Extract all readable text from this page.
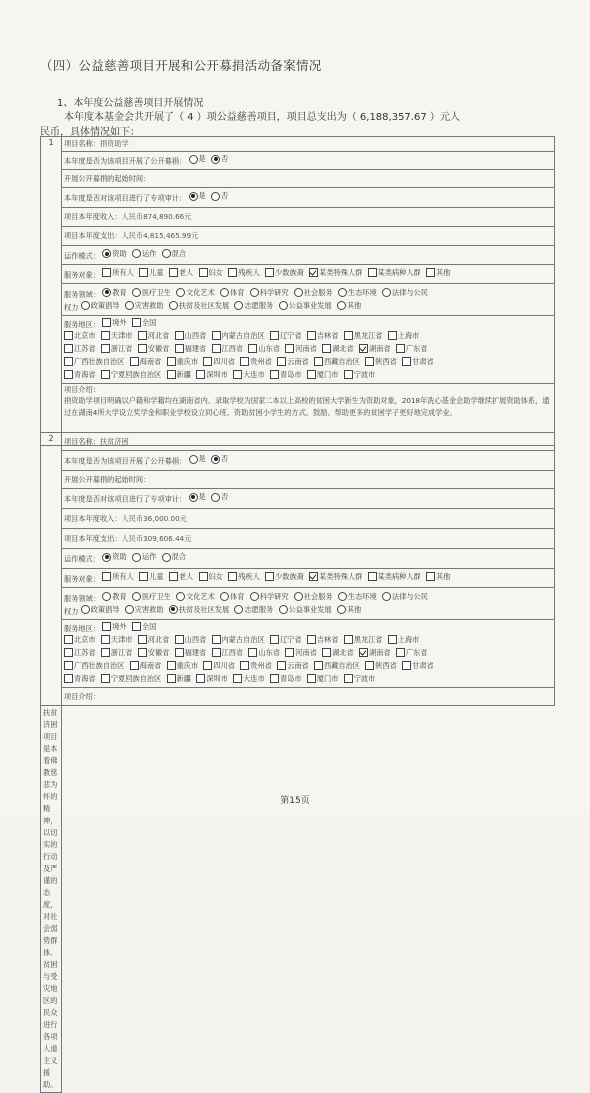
（四）公益慈善项目开展和公开募捐活动备案情况
1、本年度公益慈善项目开展情况
本年度本基金会共开展了（ 4 ）项公益慈善项目，项目总支出为（ 6,188,357.67 ）元人
民币，具体情况如下：
1	项目名称：捐资助学
本年度是否为该项目开展了公开募捐： 是
否

开展公开募捐的起始时间：
本年度是否对该项目进行了专项审计： 是
否

项目本年度收入：人民币874,890.66元
项目本年度支出：人民币4,815,465.99元
运作模式： 资助
运作
混合

服务对象： 所有人
儿童
老人
妇女
残疾人
少数族裔
某类特殊人群
某类病种人群
其他

服务领域： 教育
医疗卫生
文化艺术
体育
科学研究
社会服务
生态环境
法律与公民
权力 政策倡导
灾害救助
扶贫及社区发展
志愿服务
公益事业发展
其他

服务地区： 境外
全国
北京市
天津市
河北省
山西省
内蒙古自治区
辽宁省
吉林省
黑龙江省
上海市
江苏省
浙江省
安徽省
福建省
江西省
山东省
河南省
湖北省
湖南省
广东省
广西壮族自治区
海南省
重庆市
四川省
贵州省
云南省
西藏自治区
陕西省
甘肃省
青海省
宁夏回族自治区
新疆
深圳市
大连市
青岛市
厦门市
宁波市

项目介绍：
捐资助学项目明确以户籍和学籍均在湖南省内、录取学校为国家二本以上高校的贫困大学新生为资助对象，2018年洗心基金会助学继续扩展资助体系，通过在湖南4所大学设立奖学金和职业学校设立同心班、资助贫困小学生的方式，鼓励、帮助更多的贫困学子更好地完成学业。
2	项目名称：扶贫济困
本年度是否为该项目开展了公开募捐： 是
否

开展公开募捐的起始时间：
本年度是否对该项目进行了专项审计： 是
否

项目本年度收入：人民币36,000.00元
项目本年度支出：人民币309,606.44元
运作模式： 资助
运作
混合

服务对象： 所有人
儿童
老人
妇女
残疾人
少数族裔
某类特殊人群
某类病种人群
其他

服务领域： 教育
医疗卫生
文化艺术
体育
科学研究
社会服务
生态环境
法律与公民
权力 政策倡导
灾害救助
扶贫及社区发展
志愿服务
公益事业发展
其他

服务地区： 境外
全国
北京市
天津市
河北省
山西省
内蒙古自治区
辽宁省
吉林省
黑龙江省
上海市
江苏省
浙江省
安徽省
福建省
江西省
山东省
河南省
湖北省
湖南省
广东省
广西壮族自治区
海南省
重庆市
四川省
贵州省
云南省
西藏自治区
陕西省
甘肃省
青海省
宁夏回族自治区
新疆
深圳市
大连市
青岛市
厦门市
宁波市

项目介绍：
扶贫济困项目是本着佛教慈悲为怀的精神，以切实的行动及严谨的态度，对社会弱势群体、贫困与受灾地区的民众进行各项人道主义援助。
第15页
